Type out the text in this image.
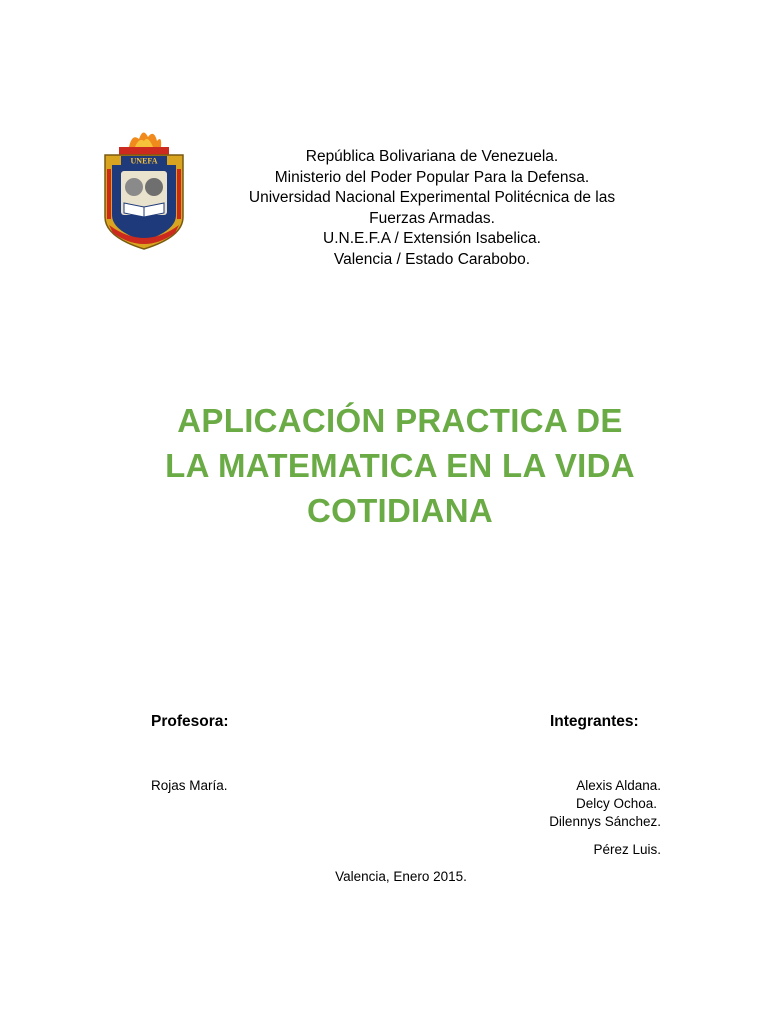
UNEFA	República Bolivariana de Venezuela.
Ministerio del Poder Popular Para la Defensa.
Universidad Nacional Experimental Politécnica de las
Fuerzas Armadas.
U.N.E.F.A / Extensión Isabelica.
Valencia / Estado Carabobo.
APLICACIÓN PRACTICA DE
LA MATEMATICA EN LA VIDA
COTIDIANA
Profesora:	Integrantes:
Rojas María.	Alexis Aldana.
Delcy Ochoa.
Dilennys Sánchez.
Pérez Luis.
Valencia, Enero 2015.
